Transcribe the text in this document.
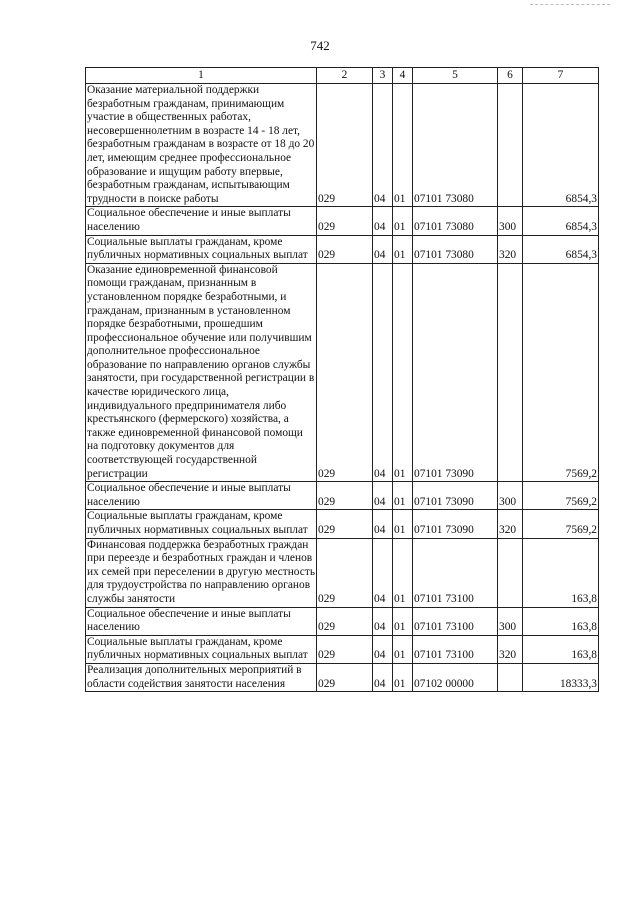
742
1	2	3	4	5	6	7
Оказание материальной поддержки безработным гражданам, принимающим участие в общественных работах, несовершеннолетним в возрасте 14 - 18 лет, безработным гражданам в возрасте от 18 до 20 лет, имеющим среднее профессиональное образование и ищущим работу впервые, безработным гражданам, испытывающим трудности в поиске работы	029	04	01	07101 73080		6854,3
Социальное обеспечение и иные выплаты населению	029	04	01	07101 73080	300	6854,3
Социальные выплаты гражданам, кроме публичных нормативных социальных выплат	029	04	01	07101 73080	320	6854,3
Оказание единовременной финансовой помощи гражданам, признанным в установленном порядке безработными, и гражданам, признанным в установленном порядке безработными, прошедшим профессиональное обучение или получившим дополнительное профессиональное образование по направлению органов службы занятости, при государственной регистрации в качестве юридического лица, индивидуального предпринимателя либо крестьянского (фермерского) хозяйства, а также единовременной финансовой помощи на подготовку документов для соответствующей государственной регистрации	029	04	01	07101 73090		7569,2
Социальное обеспечение и иные выплаты населению	029	04	01	07101 73090	300	7569,2
Социальные выплаты гражданам, кроме публичных нормативных социальных выплат	029	04	01	07101 73090	320	7569,2
Финансовая поддержка безработных граждан при переезде и безработных граждан и членов их семей при переселении в другую местность для трудоустройства по направлению органов службы занятости	029	04	01	07101 73100		163,8
Социальное обеспечение и иные выплаты населению	029	04	01	07101 73100	300	163,8
Социальные выплаты гражданам, кроме публичных нормативных социальных выплат	029	04	01	07101 73100	320	163,8
Реализация дополнительных мероприятий в области содействия занятости населения	029	04	01	07102 00000		18333,3
